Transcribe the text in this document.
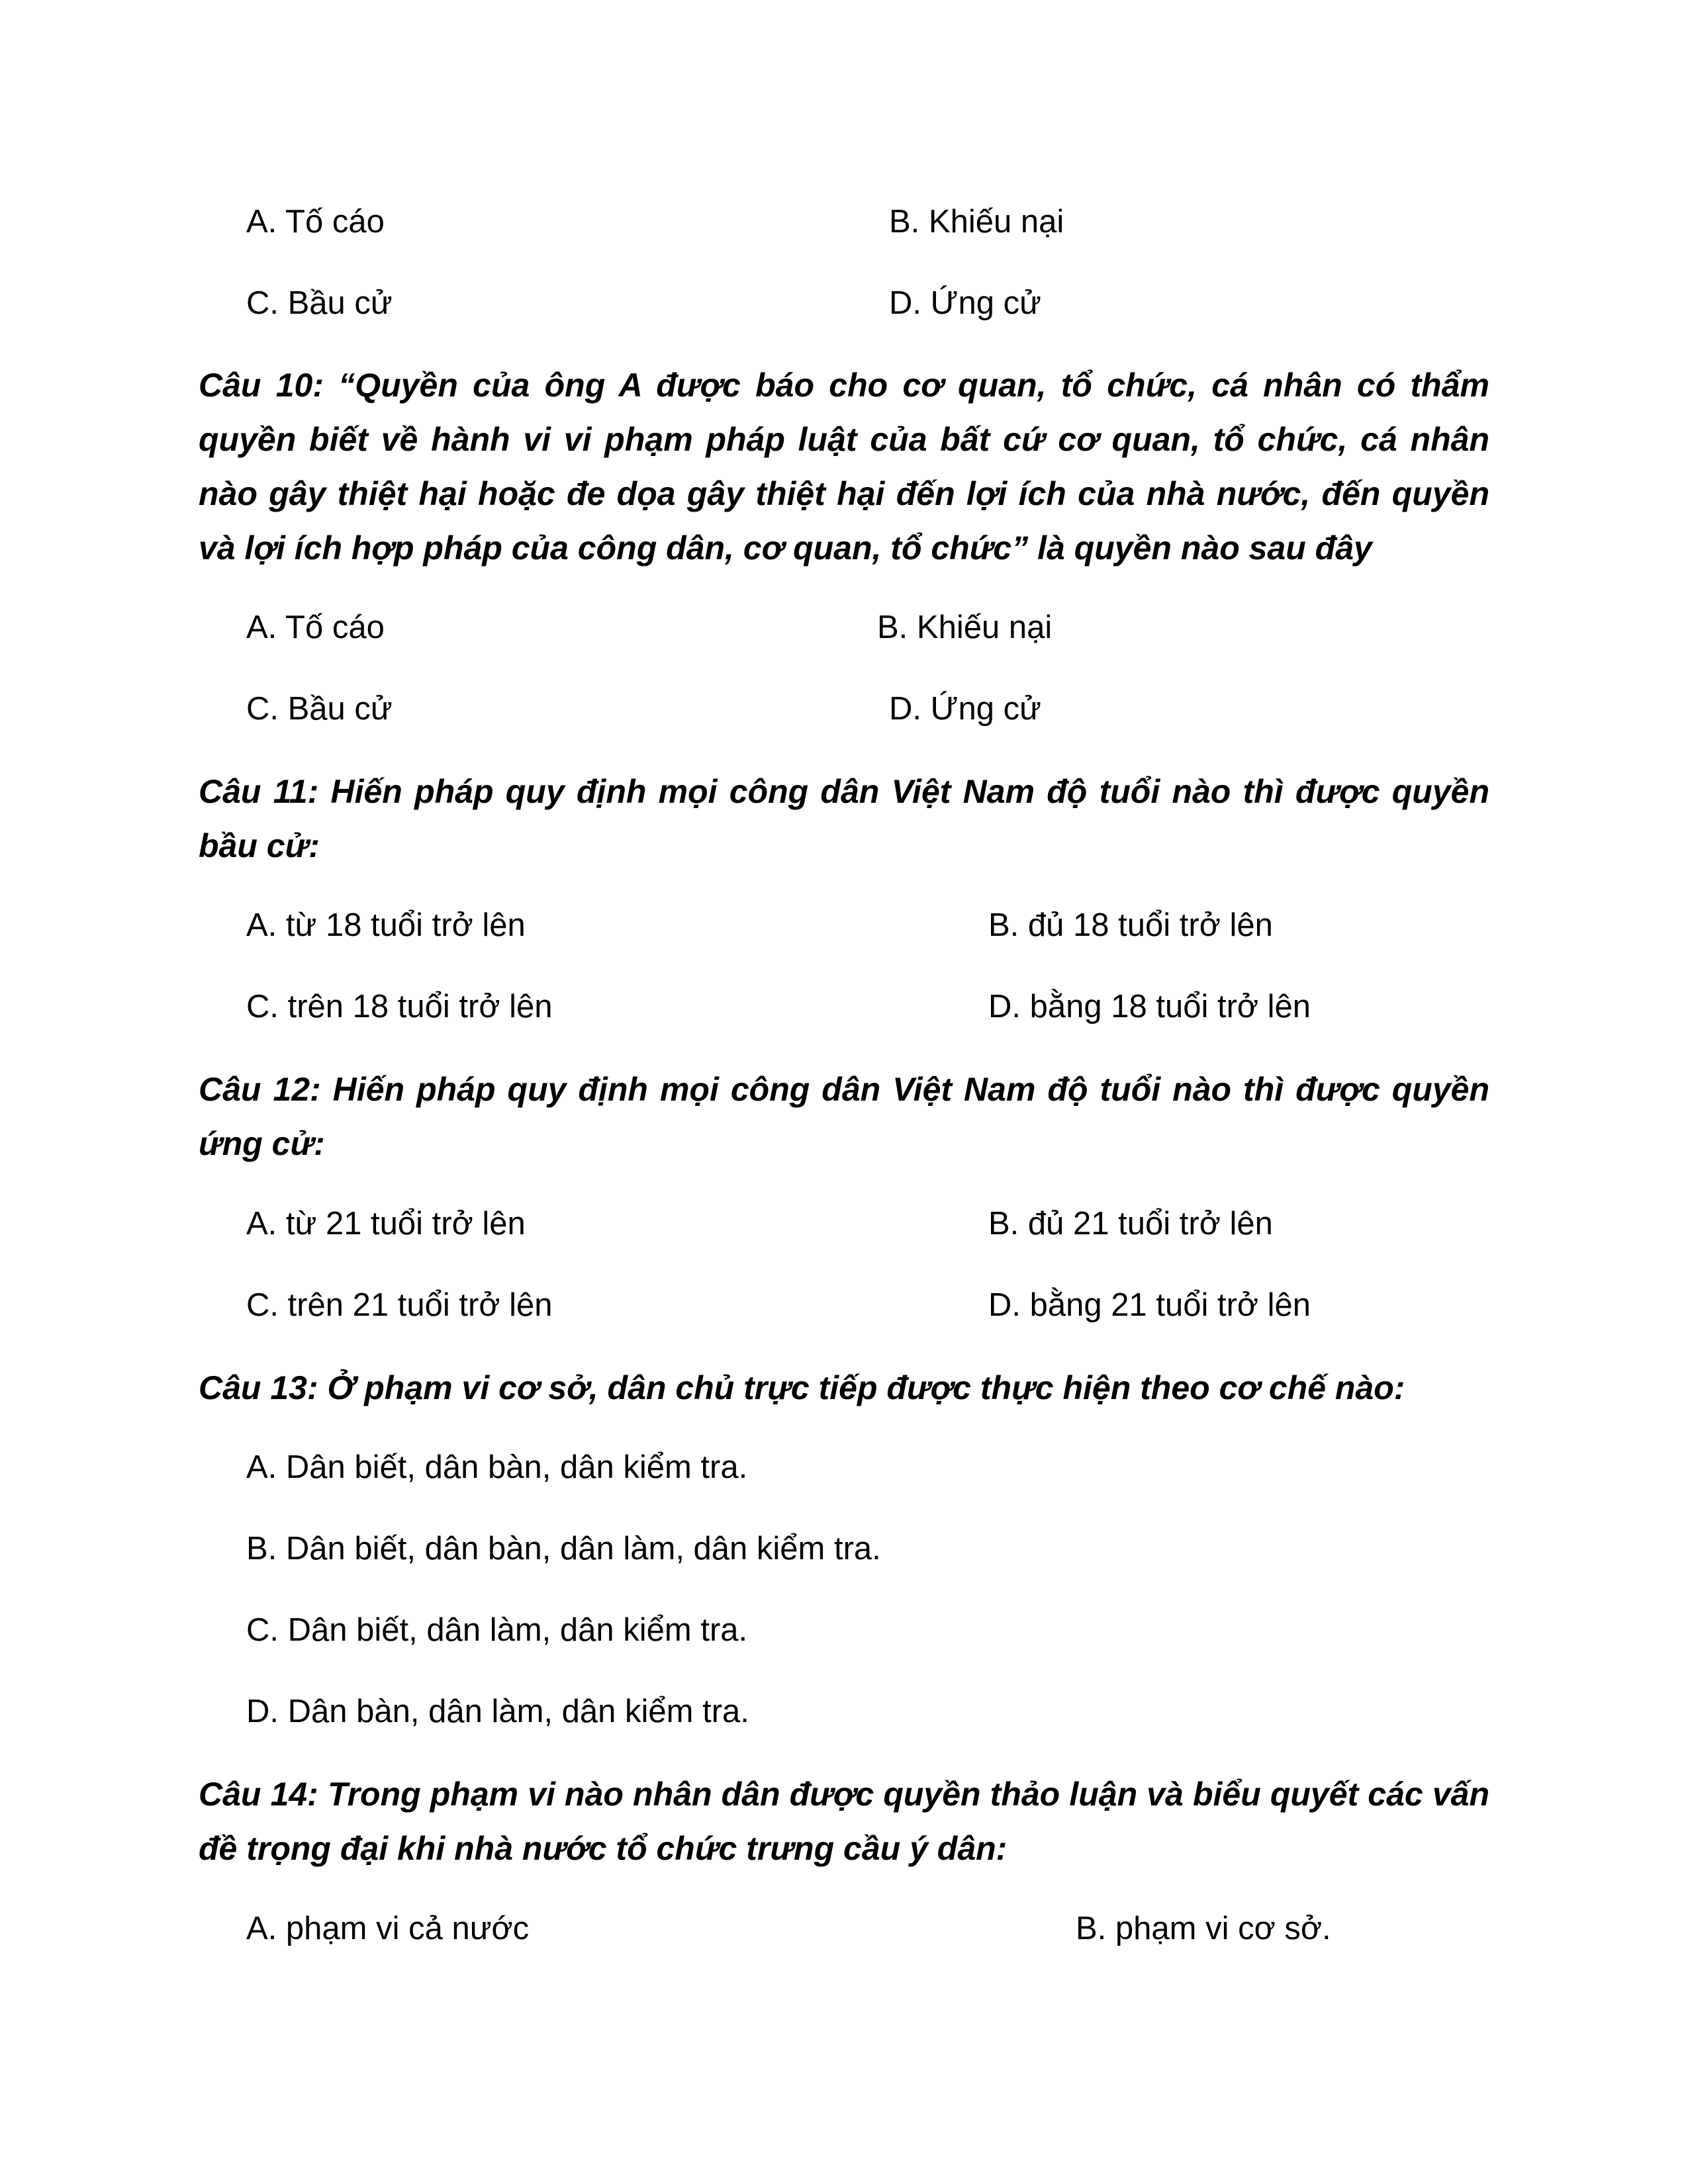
A. Tố cáo	B. Khiếu nại
C. Bầu cử	D. Ứng cử
Câu 10: “Quyền của ông A được báo cho cơ quan, tổ chức, cá nhân có thẩm quyền biết về hành vi vi phạm pháp luật của bất cứ cơ quan, tổ chức, cá nhân nào gây thiệt hại hoặc đe dọa gây thiệt hại đến lợi ích của nhà nước, đến quyền và lợi ích hợp pháp của công dân, cơ quan, tổ chức” là quyền nào sau đây
A. Tố cáo	B. Khiếu nại
C. Bầu cử	D. Ứng cử
Câu 11: Hiến pháp quy định mọi công dân Việt Nam độ tuổi nào thì được quyền bầu cử:
A. từ 18 tuổi trở lên	B. đủ 18 tuổi trở lên
C. trên 18 tuổi trở lên	D. bằng 18 tuổi trở lên
Câu 12: Hiến pháp quy định mọi công dân Việt Nam độ tuổi nào thì được quyền ứng cử:
A. từ 21 tuổi trở lên	B. đủ 21 tuổi trở lên
C. trên 21 tuổi trở lên	D. bằng 21 tuổi trở lên
Câu 13: Ở phạm vi cơ sở, dân chủ trực tiếp được thực hiện theo cơ chế nào:
A. Dân biết, dân bàn, dân kiểm tra.
B. Dân biết, dân bàn, dân làm, dân kiểm tra.
C. Dân biết, dân làm, dân kiểm tra.
D. Dân bàn, dân làm, dân kiểm tra.
Câu 14: Trong phạm vi nào nhân dân được quyền thảo luận và biểu quyết các vấn đề trọng đại khi nhà nước tổ chức trưng cầu ý dân:
A. phạm vi cả nước	B. phạm vi cơ sở.
